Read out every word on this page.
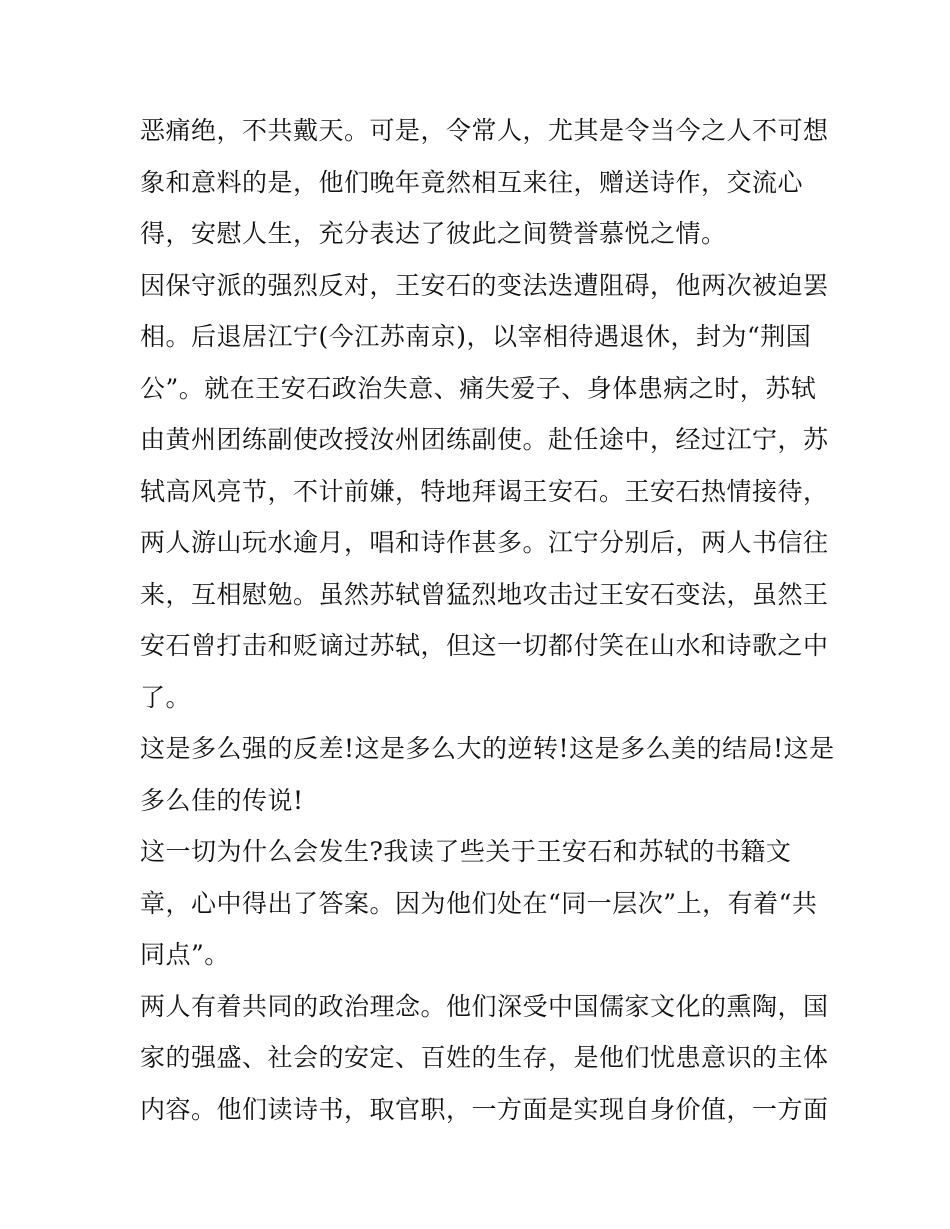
恶痛绝，不共戴天。可是，令常人，尤其是令当今之人不可想
象和意料的是，他们晚年竟然相互来往，赠送诗作，交流心
得，安慰人生，充分表达了彼此之间赞誉慕悦之情。
因保守派的强烈反对，王安石的变法迭遭阻碍，他两次被迫罢
相。后退居江宁(今江苏南京)，以宰相待遇退休，封为“荆国
公”。就在王安石政治失意、痛失爱子、身体患病之时，苏轼
由黄州团练副使改授汝州团练副使。赴任途中，经过江宁，苏
轼高风亮节，不计前嫌，特地拜谒王安石。王安石热情接待，
两人游山玩水逾月，唱和诗作甚多。江宁分别后，两人书信往
来，互相慰勉。虽然苏轼曾猛烈地攻击过王安石变法，虽然王
安石曾打击和贬谪过苏轼，但这一切都付笑在山水和诗歌之中
了。
这是多么强的反差!这是多么大的逆转!这是多么美的结局!这是
多么佳的传说!
这一切为什么会发生?我读了些关于王安石和苏轼的书籍文
章，心中得出了答案。因为他们处在“同一层次”上，有着“共
同点”。
两人有着共同的政治理念。他们深受中国儒家文化的熏陶，国
家的强盛、社会的安定、百姓的生存，是他们忧患意识的主体
内容。他们读诗书，取官职，一方面是实现自身价值，一方面
